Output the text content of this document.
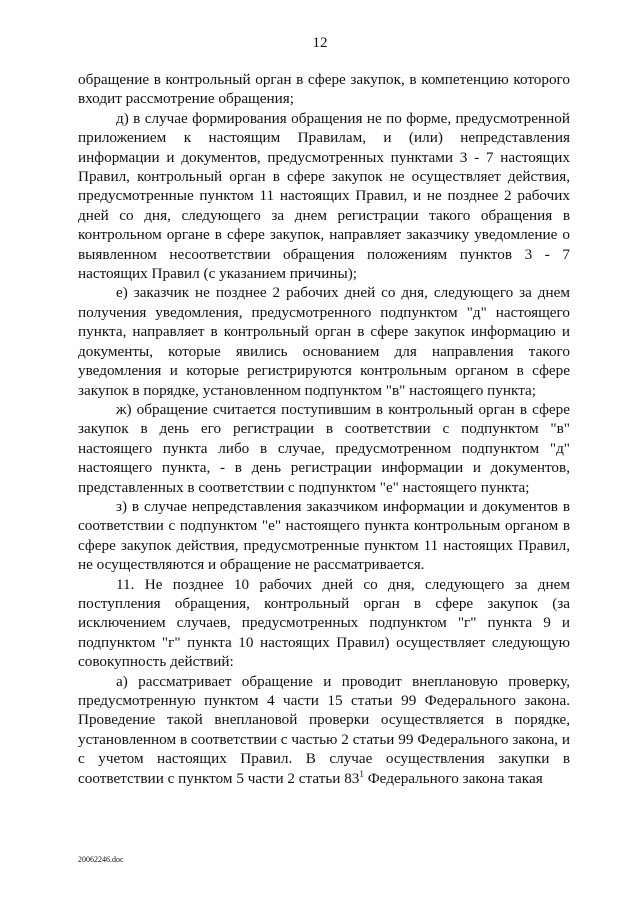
12

обращение в контрольный орган в сфере закупок, в компетенцию которого входит рассмотрение обращения;

д) в случае формирования обращения не по форме, предусмотренной приложением к настоящим Правилам, и (или) непредставления информации и документов, предусмотренных пунктами 3 - 7 настоящих Правил, контрольный орган в сфере закупок не осуществляет действия, предусмотренные пунктом 11 настоящих Правил, и не позднее 2 рабочих дней со дня, следующего за днем регистрации такого обращения в контрольном органе в сфере закупок, направляет заказчику уведомление о выявленном несоответствии обращения положениям пунктов 3 - 7 настоящих Правил (с указанием причины);

е) заказчик не позднее 2 рабочих дней со дня, следующего за днем получения уведомления, предусмотренного подпунктом "д" настоящего пункта, направляет в контрольный орган в сфере закупок информацию и документы, которые явились основанием для направления такого уведомления и которые регистрируются контрольным органом в сфере закупок в порядке, установленном подпунктом "в" настоящего пункта;

ж) обращение считается поступившим в контрольный орган в сфере закупок в день его регистрации в соответствии с подпунктом "в" настоящего пункта либо в случае, предусмотренном подпунктом "д" настоящего пункта, - в день регистрации информации и документов, представленных в соответствии с подпунктом "е" настоящего пункта;

з) в случае непредставления заказчиком информации и документов в соответствии с подпунктом "е" настоящего пункта контрольным органом в сфере закупок действия, предусмотренные пунктом 11 настоящих Правил, не осуществляются и обращение не рассматривается.

11. Не позднее 10 рабочих дней со дня, следующего за днем поступления обращения, контрольный орган в сфере закупок (за исключением случаев, предусмотренных подпунктом "г" пункта 9 и подпунктом "г" пункта 10 настоящих Правил) осуществляет следующую совокупность действий:

а) рассматривает обращение и проводит внеплановую проверку, предусмотренную пунктом 4 части 15 статьи 99 Федерального закона. Проведение такой внеплановой проверки осуществляется в порядке, установленном в соответствии с частью 2 статьи 99 Федерального закона, и с учетом настоящих Правил. В случае осуществления закупки в соответствии с пунктом 5 части 2 статьи $83^1$ Федерального закона такая

20062246.doc
